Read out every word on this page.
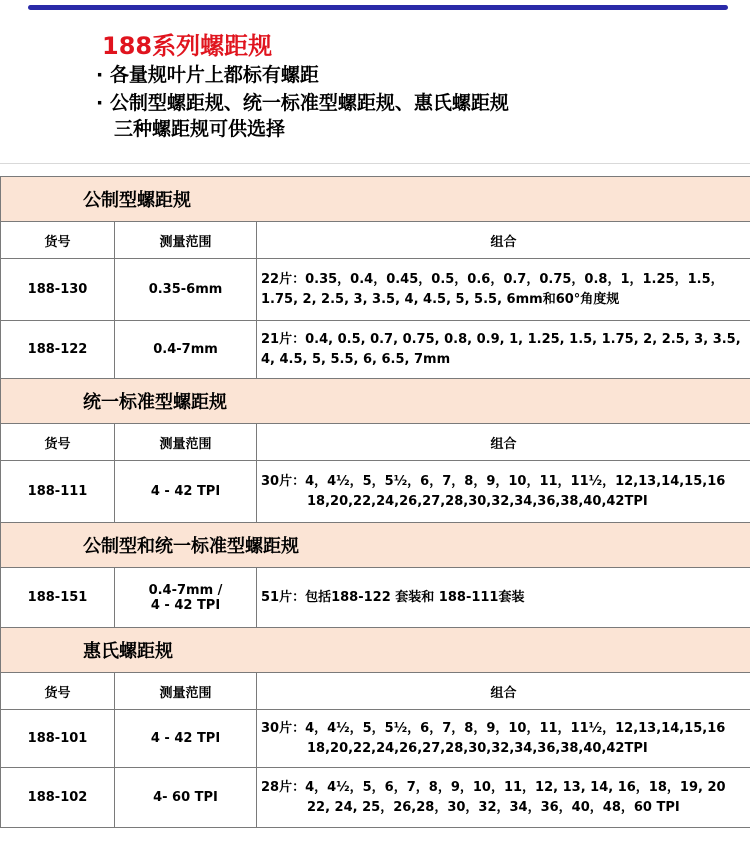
188系列螺距规
· 各量规叶片上都标有螺距
· 公制型螺距规、统一标准型螺距规、惠氏螺距规
三种螺距规可供选择
公制型螺距规		
货号	测量范围	组合
188-130	0.35-6mm	22片：0.35，0.4，0.45，0.5，0.6，0.7，0.75，0.8，1，1.25，1.5，
1.75, 2, 2.5, 3, 3.5, 4, 4.5, 5, 5.5, 6mm和60°角度规

188-122	0.4-7mm	21片：0.4, 0.5, 0.7, 0.75, 0.8, 0.9, 1, 1.25, 1.5, 1.75, 2, 2.5, 3, 3.5,
4, 4.5, 5, 5.5, 6, 6.5, 7mm

统一标准型螺距规		
货号	测量范围	组合
188-111	4 - 42 TPI	30片：4，4½，5，5½，6，7，8，9，10，11，11½，12,13,14,15,16
18,20,22,24,26,27,28,30,32,34,36,38,40,42TPI

公制型和统一标准型螺距规		
188-151	0.4-7mm /
4 - 42 TPI	51片：包括188-122 套装和 188-111套装
惠氏螺距规		
货号	测量范围	组合
188-101	4 - 42 TPI	30片：4，4½，5，5½，6，7，8，9，10，11，11½，12,13,14,15,16
18,20,22,24,26,27,28,30,32,34,36,38,40,42TPI

188-102	4- 60 TPI	28片：4，4½，5，6，7，8，9，10，11，12, 13, 14, 16，18，19, 20
22, 24, 25，26,28，30，32，34，36，40，48，60 TPI
